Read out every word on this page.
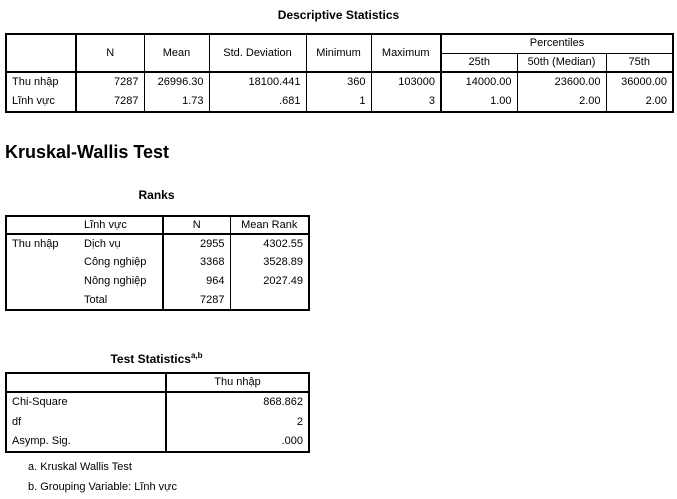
Descriptive Statistics
	N	Mean	Std. Deviation	Minimum	Maximum	Percentiles		
						25th	50th (Median)	75th
Thu nhập	7287	26996.30	18100.441	360	103000	14000.00	23600.00	36000.00
Lĩnh vực	7287	1.73	.681	1	3	1.00	2.00	2.00
Kruskal-Wallis Test
Ranks
	Lĩnh vực	N	Mean Rank
Thu nhập	Dịch vụ	2955	4302.55
	Công nghiệp	3368	3528.89
	Nông nghiệp	964	2027.49
	Total	7287	
Test Statistics$^{a,b}$
	Thu nhập
Chi-Square	868.862
df	2
Asymp. Sig.	.000
a. Kruskal Wallis Test
b. Grouping Variable: Lĩnh vực
